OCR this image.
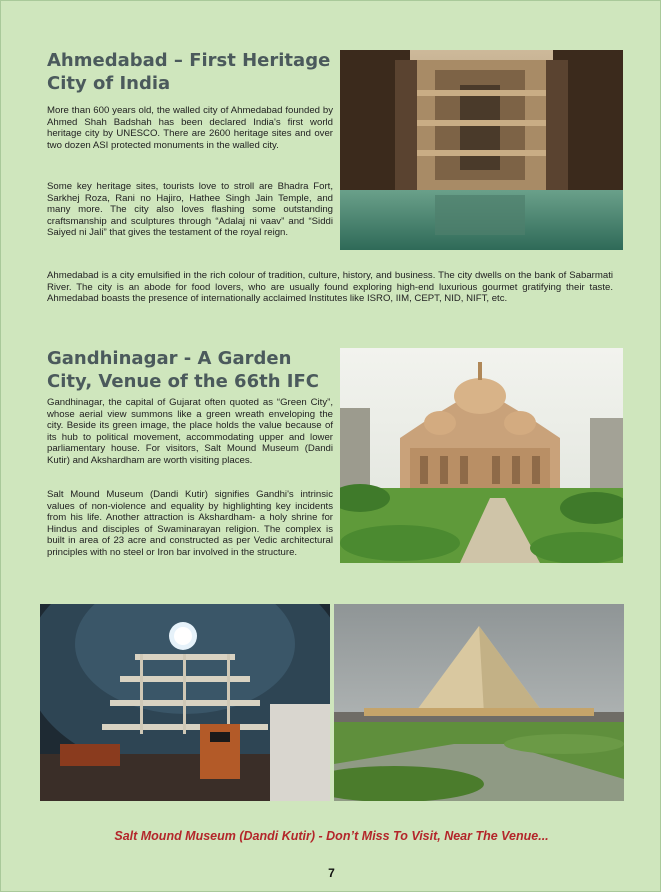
Ahmedabad – First Heritage City of India

More than 600 years old, the walled city of Ahmedabad founded by Ahmed Shah Badshah has been declared India's first world heritage city by UNESCO. There are 2600 heritage sites and over two dozen ASI protected monuments in the walled city.

Some key heritage sites, tourists love to stroll are Bhadra Fort, Sarkhej Roza, Rani no Hajiro, Hathee Singh Jain Temple, and many more. The city also loves flashing some outstanding craftsmanship and sculptures through “Adalaj ni vaav” and “Siddi Saiyed ni Jali” that gives the testament of the royal reign.

Ahmedabad is a city emulsified in the rich colour of tradition, culture, history, and business. The city dwells on the bank of Sabarmati River. The city is an abode for food lovers, who are usually found exploring high-end luxurious gourmet gratifying their taste. Ahmedabad boasts the presence of internationally acclaimed Institutes like ISRO, IIM, CEPT, NID, NIFT, etc.

Gandhinagar - A Garden City, Venue of the 66th IFC

Gandhinagar, the capital of Gujarat often quoted as “Green City”, whose aerial view summons like a green wreath enveloping the city. Beside its green image, the place holds the value because of its hub to political movement, accommodating upper and lower parliamentary house. For visitors, Salt Mound Museum (Dandi Kutir) and Akshardham are worth visiting places.

Salt Mound Museum (Dandi Kutir) signifies Gandhi's intrinsic values of non-violence and equality by highlighting key incidents from his life. Another attraction is Akshardham- a holy shrine for Hindus and disciples of Swaminarayan religion. The complex is built in area of 23 acre and constructed as per Vedic architectural principles with no steel or Iron bar involved in the structure.

Salt Mound Museum (Dandi Kutir) - Don’t Miss To Visit, Near The Venue...

7
